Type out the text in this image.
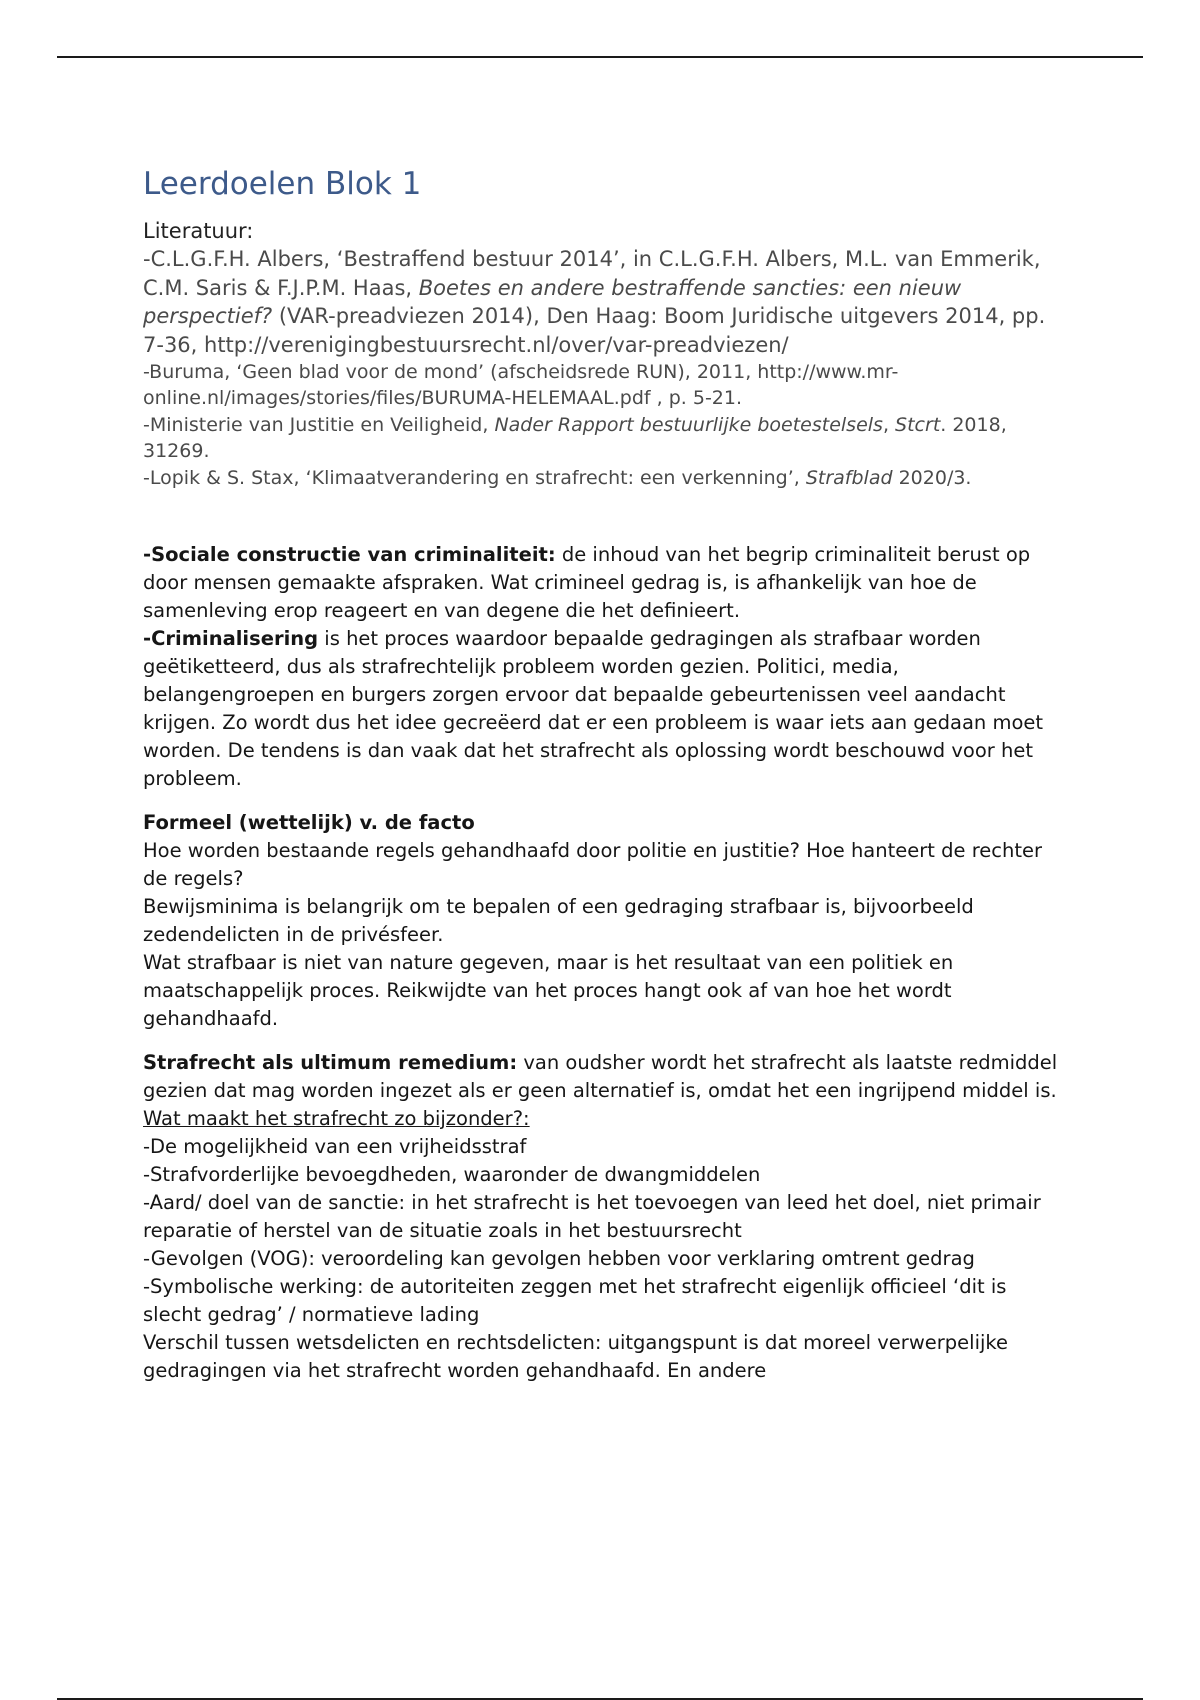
Leerdoelen Blok 1

Literatuur:

-C.L.G.F.H. Albers, ‘Bestraffend bestuur 2014’, in C.L.G.F.H. Albers, M.L. van Emmerik, C.M. Saris & F.J.P.M. Haas, Boetes en andere bestraffende sancties: een nieuw perspectief? (VAR-preadviezen 2014), Den Haag: Boom Juridische uitgevers 2014, pp. 7-36, http://verenigingbestuursrecht.nl/over/var-preadviezen/

-Buruma, ‘Geen blad voor de mond’ (afscheidsrede RUN), 2011, http://www.mr-online.nl/images/stories/files/BURUMA-HELEMAAL.pdf , p. 5-21.

-Ministerie van Justitie en Veiligheid, Nader Rapport bestuurlijke boetestelsels, Stcrt. 2018, 31269.

-Lopik & S. Stax, ‘Klimaatverandering en strafrecht: een verkenning’, Strafblad 2020/3.

-Sociale constructie van criminaliteit: de inhoud van het begrip criminaliteit berust op door mensen gemaakte afspraken. Wat crimineel gedrag is, is afhankelijk van hoe de samenleving erop reageert en van degene die het definieert.

-Criminalisering is het proces waardoor bepaalde gedragingen als strafbaar worden geëtiketteerd, dus als strafrechtelijk probleem worden gezien. Politici, media, belangengroepen en burgers zorgen ervoor dat bepaalde gebeurtenissen veel aandacht krijgen. Zo wordt dus het idee gecreëerd dat er een probleem is waar iets aan gedaan moet worden. De tendens is dan vaak dat het strafrecht als oplossing wordt beschouwd voor het probleem.

Formeel (wettelijk) v. de facto

Hoe worden bestaande regels gehandhaafd door politie en justitie? Hoe hanteert de rechter de regels?

Bewijsminima is belangrijk om te bepalen of een gedraging strafbaar is, bijvoorbeeld zedendelicten in de privésfeer.

Wat strafbaar is niet van nature gegeven, maar is het resultaat van een politiek en maatschappelijk proces. Reikwijdte van het proces hangt ook af van hoe het wordt gehandhaafd.

Strafrecht als ultimum remedium: van oudsher wordt het strafrecht als laatste redmiddel gezien dat mag worden ingezet als er geen alternatief is, omdat het een ingrijpend middel is.

Wat maakt het strafrecht zo bijzonder?:

-De mogelijkheid van een vrijheidsstraf

-Strafvorderlijke bevoegdheden, waaronder de dwangmiddelen

-Aard/ doel van de sanctie: in het strafrecht is het toevoegen van leed het doel, niet primair reparatie of herstel van de situatie zoals in het bestuursrecht

-Gevolgen (VOG): veroordeling kan gevolgen hebben voor verklaring omtrent gedrag

-Symbolische werking: de autoriteiten zeggen met het strafrecht eigenlijk officieel ‘dit is slecht gedrag’ / normatieve lading

Verschil tussen wetsdelicten en rechtsdelicten: uitgangspunt is dat moreel verwerpelijke gedragingen via het strafrecht worden gehandhaafd. En andere
